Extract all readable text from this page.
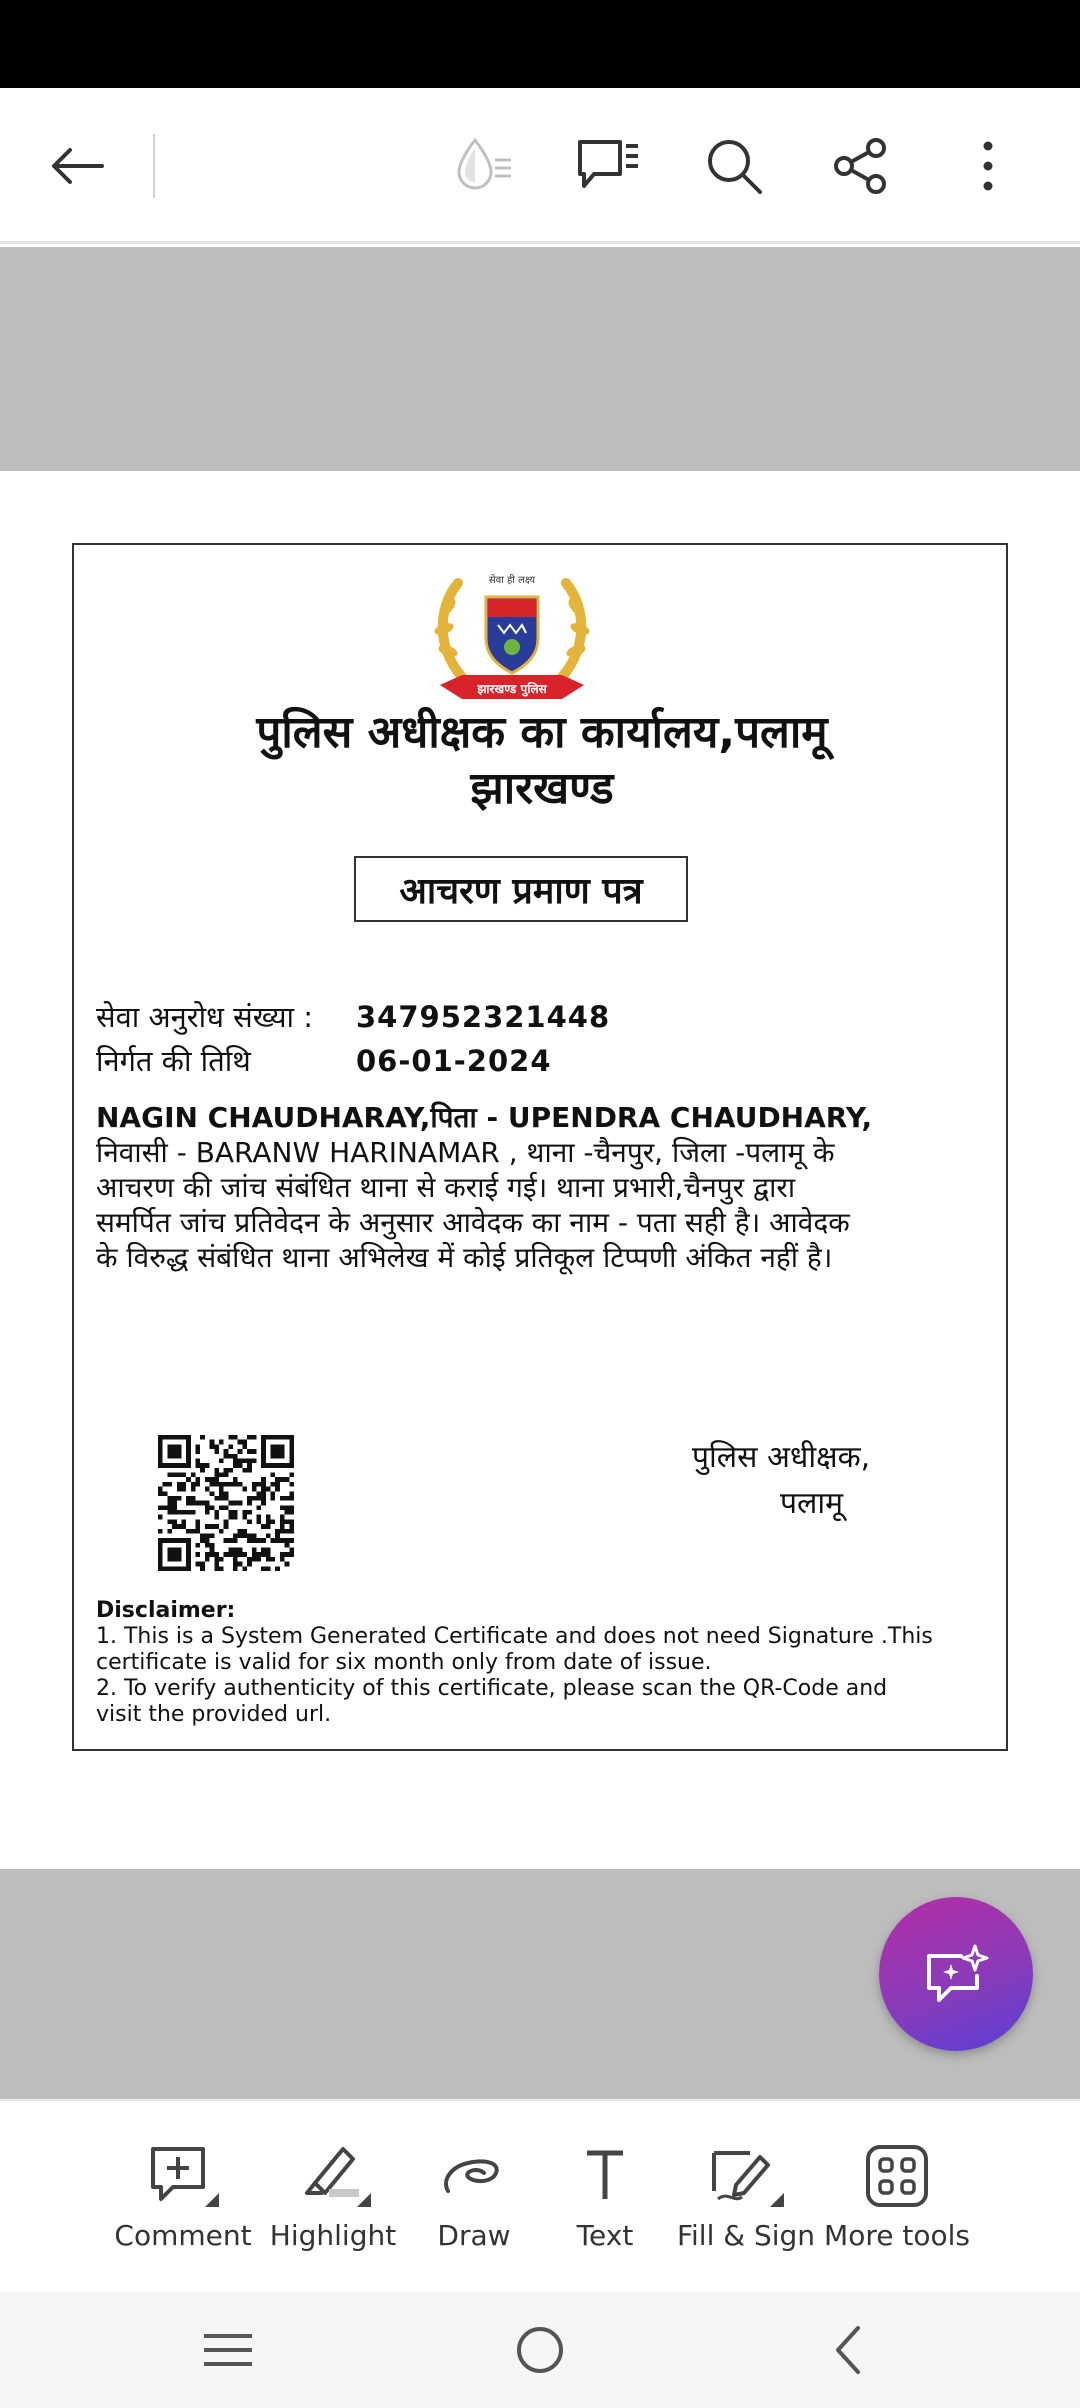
सेवा ही लक्ष्य
झारखण्ड पुलिस
पुलिस अधीक्षक का कार्यालय,पलामू
झारखण्ड
आचरण प्रमाण पत्र
सेवा अनुरोध संख्या : 347952321448
निर्गत की तिथि	06-01-2024

NAGIN CHAUDHARAY,पिता - UPENDRA CHAUDHARY,

निवासी - BARANW HARINAMAR , थाना -चैनपुर, जिला -पलामू के

आचरण की जांच संबंधित थाना से कराई गई। थाना प्रभारी,चैनपुर द्वारा

समर्पित जांच प्रतिवेदन के अनुसार आवेदक का नाम - पता सही है। आवेदक

के विरुद्ध संबंधित थाना अभिलेख में कोई प्रतिकूल टिप्पणी अंकित नहीं है।

पुलिस अधीक्षक,
पलामू
Disclaimer:
1. This is a System Generated Certificate and does not need Signature .This
certificate is valid for six month only from date of issue.
2. To verify authenticity of this certificate, please scan the QR-Code and
visit the provided url.
Comment Highlight	Draw	Text	Fill & Sign More tools
